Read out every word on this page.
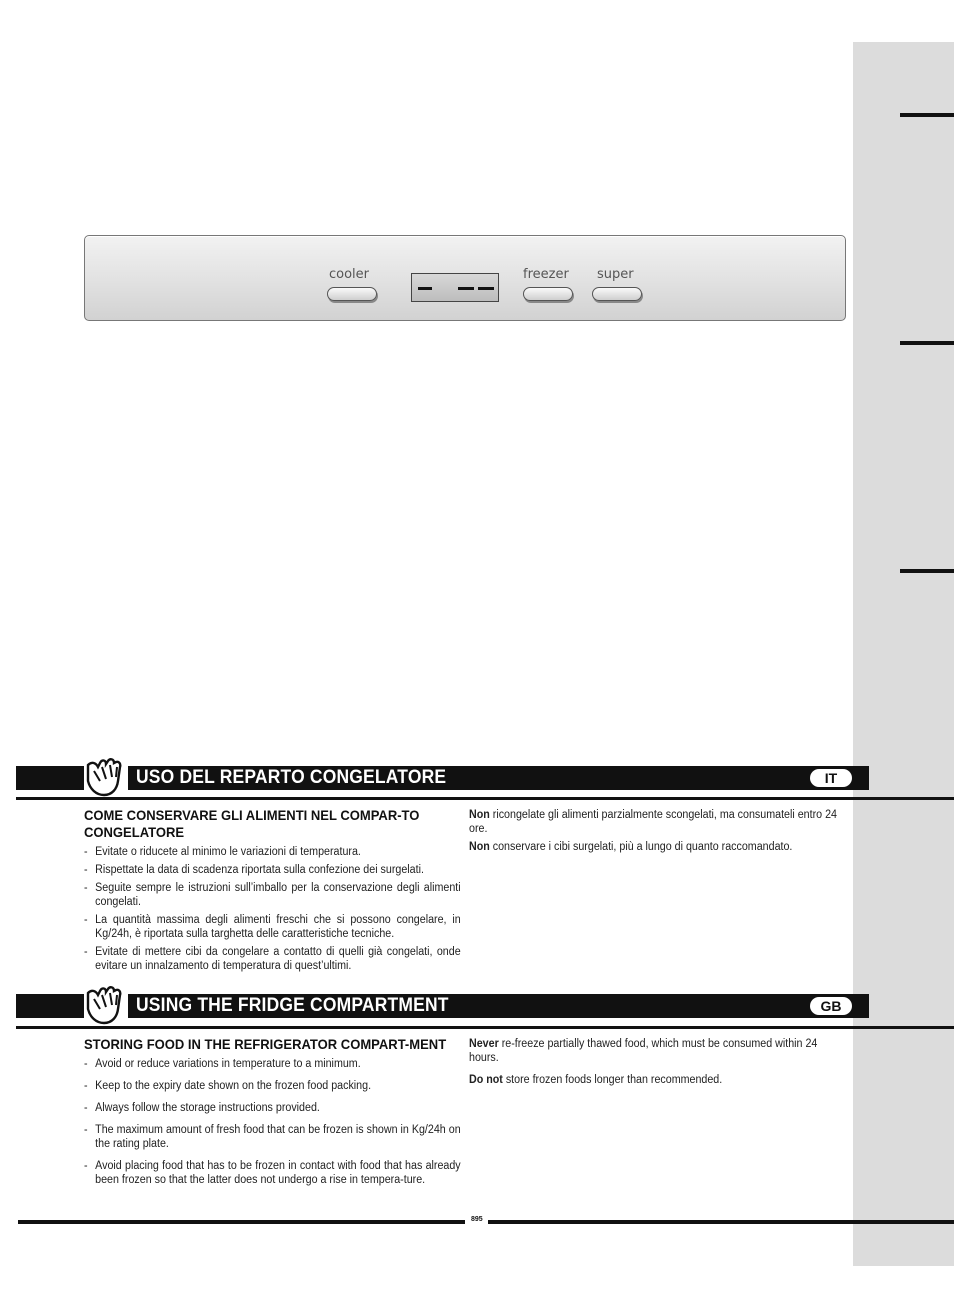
cooler	freezer super
USO DEL REPARTO CONGELATORE	IT
COME CONSERVARE GLI ALIMENTI NEL COMPAR-TO CONGELATORE
- Evitate o riducete al minimo le variazioni di temperatura.
- Rispettate la data di scadenza riportata sulla confezione dei surgelati.
- Seguite sempre le istruzioni sull’imballo per la conservazione degli alimenti congelati.
- La quantità massima degli alimenti freschi che si possono congelare, in Kg/24h, è riportata sulla targhetta delle caratteristiche tecniche.
- Evitate di mettere cibi da congelare a contatto di quelli già congelati, onde evitare un innalzamento di temperatura di quest’ultimi.

Non ricongelate gli alimenti parzialmente scongelati, ma consumateli entro 24 ore.

Non conservare i cibi surgelati, più a lungo di quanto raccomandato.

USING THE FRIDGE COMPARTMENT	GB
STORING FOOD IN THE REFRIGERATOR COMPART-MENT
- Avoid or reduce variations in temperature to a minimum.
- Keep to the expiry date shown on the frozen food packing.
- Always follow the storage instructions provided.
- The maximum amount of fresh food that can be frozen is shown in Kg/24h on the rating plate.
- Avoid placing food that has to be frozen in contact with food that has already been frozen so that the latter does not undergo a rise in tempera-ture.

Never re-freeze partially thawed food, which must be consumed within 24 hours.

Do not store frozen foods longer than recommended.

895
